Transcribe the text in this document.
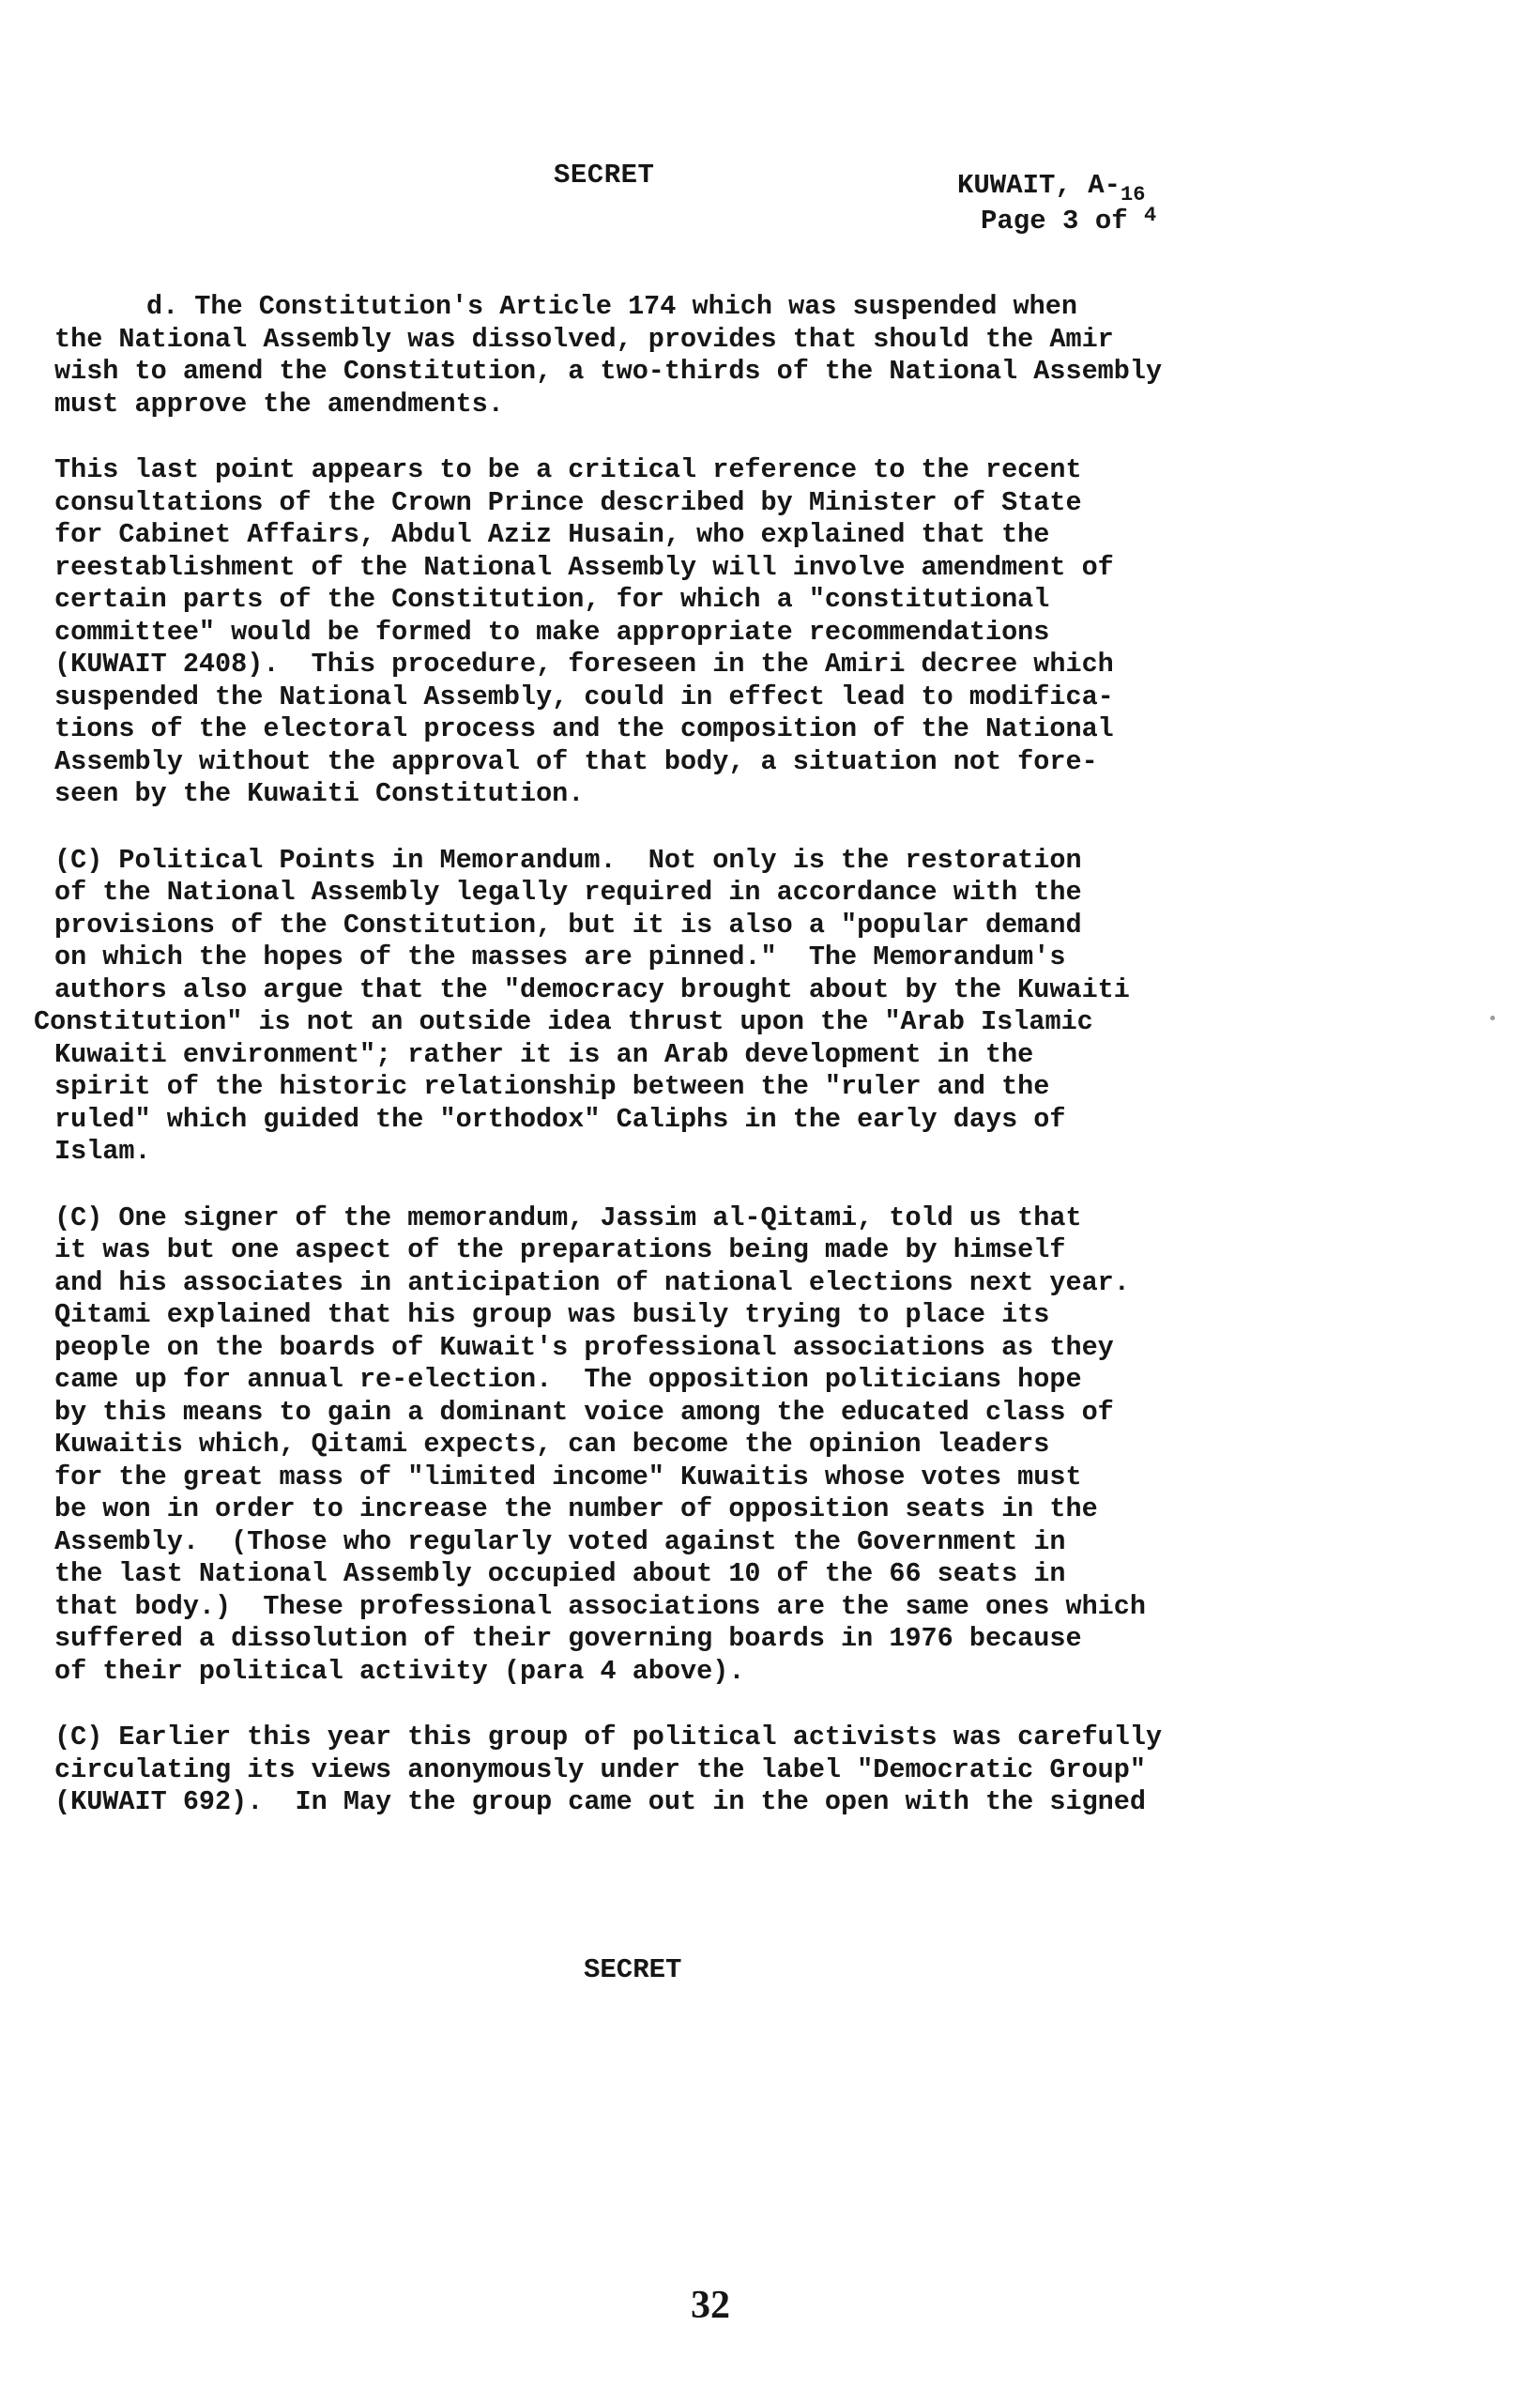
SECRET	KUWAIT, $A-_{16}$
Page 3 of $^4$
d. The Constitution's Article 174 which was suspended when
the National Assembly was dissolved, provides that should the Amir
wish to amend the Constitution, a two-thirds of the National Assembly
must approve the amendments.
This last point appears to be a critical reference to the recent
consultations of the Crown Prince described by Minister of State
for Cabinet Affairs, Abdul Aziz Husain, who explained that the
reestablishment of the National Assembly will involve amendment of
certain parts of the Constitution, for which a "constitutional
committee" would be formed to make appropriate recommendations
(KUWAIT 2408).  This procedure, foreseen in the Amiri decree which
suspended the National Assembly, could in effect lead to modifica-
tions of the electoral process and the composition of the National
Assembly without the approval of that body, a situation not fore-
seen by the Kuwaiti Constitution.
(C) Political Points in Memorandum.  Not only is the restoration
of the National Assembly legally required in accordance with the
provisions of the Constitution, but it is also a "popular demand
on which the hopes of the masses are pinned."  The Memorandum's
authors also argue that the "democracy brought about by the Kuwaiti
Constitution" is not an outside idea thrust upon the "Arab Islamic
Kuwaiti environment"; rather it is an Arab development in the
spirit of the historic relationship between the "ruler and the
ruled" which guided the "orthodox" Caliphs in the early days of
Islam.
(C) One signer of the memorandum, Jassim al-Qitami, told us that
it was but one aspect of the preparations being made by himself
and his associates in anticipation of national elections next year.
Qitami explained that his group was busily trying to place its
people on the boards of Kuwait's professional associations as they
came up for annual re-election.  The opposition politicians hope
by this means to gain a dominant voice among the educated class of
Kuwaitis which, Qitami expects, can become the opinion leaders
for the great mass of "limited income" Kuwaitis whose votes must
be won in order to increase the number of opposition seats in the
Assembly.  (Those who regularly voted against the Government in
the last National Assembly occupied about 10 of the 66 seats in
that body.)  These professional associations are the same ones which
suffered a dissolution of their governing boards in 1976 because
of their political activity (para 4 above).
(C) Earlier this year this group of political activists was carefully
circulating its views anonymously under the label "Democratic Group"
(KUWAIT 692).  In May the group came out in the open with the signed
SECRET
32
